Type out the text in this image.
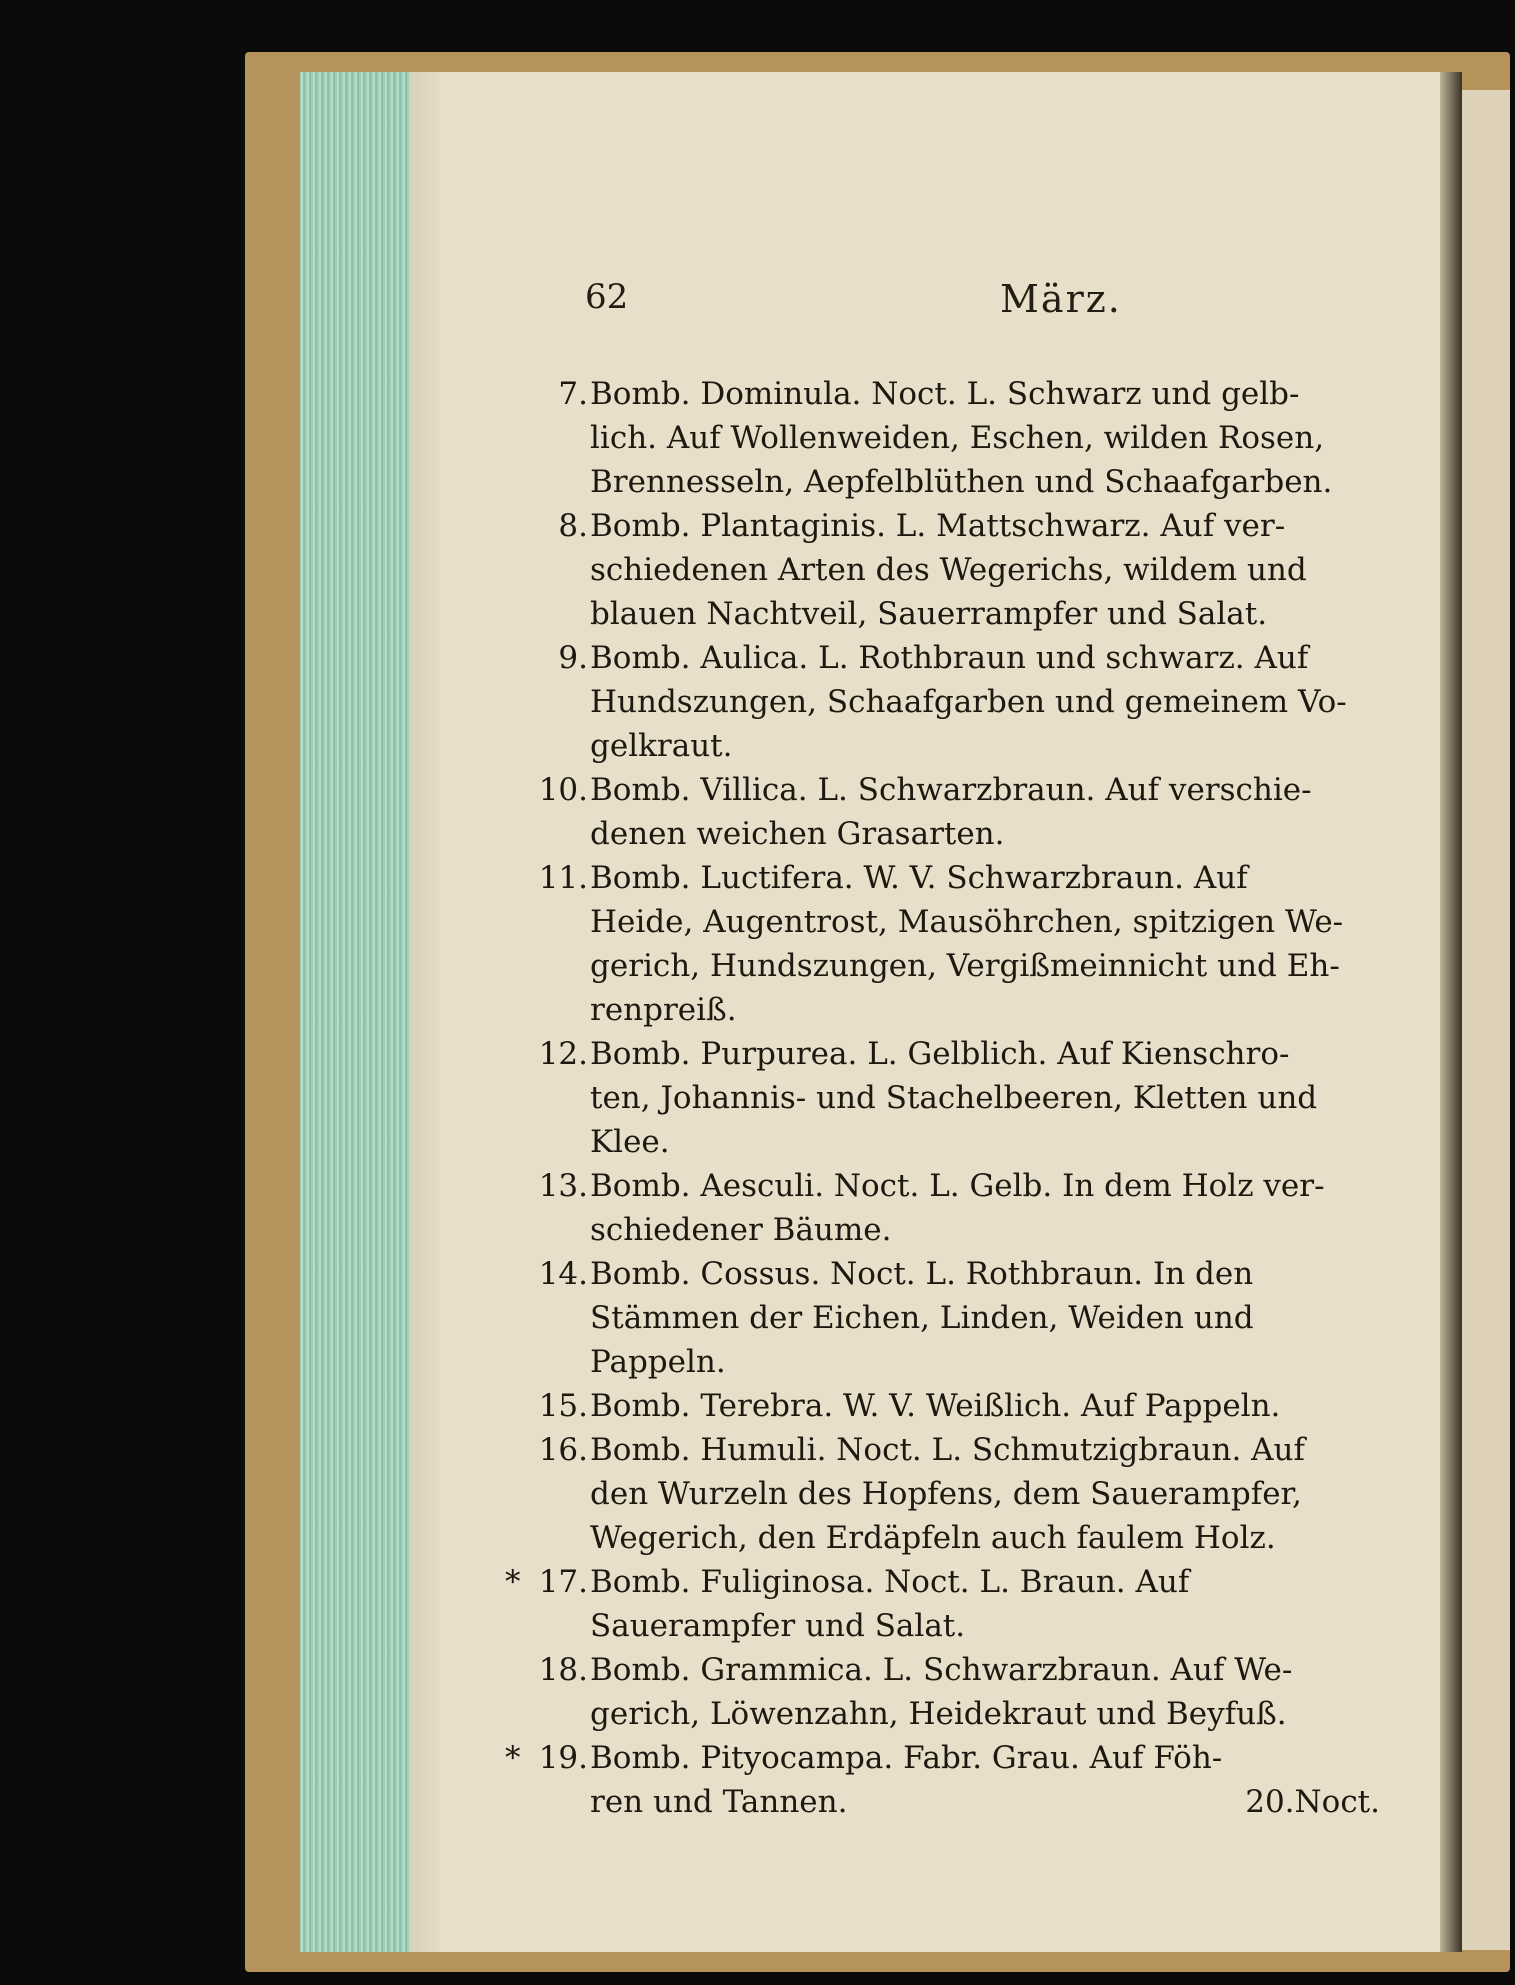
62	März.
7. Bomb. Dominula. Noct. L. Schwarz und gelb-
lich. Auf Wollenweiden, Eschen, wilden Rosen,
Brennesseln, Aepfelblüthen und Schaafgarben.
8. Bomb. Plantaginis. L. Mattschwarz. Auf ver-
schiedenen Arten des Wegerichs, wildem und
blauen Nachtveil, Sauerrampfer und Salat.
9. Bomb. Aulica. L. Rothbraun und schwarz. Auf
Hundszungen, Schaafgarben und gemeinem Vo-
gelkraut.
10. Bomb. Villica. L. Schwarzbraun. Auf verschie-
denen weichen Grasarten.
11. Bomb. Luctifera. W. V. Schwarzbraun. Auf
Heide, Augentrost, Mausöhrchen, spitzigen We-
gerich, Hundszungen, Vergißmeinnicht und Eh-
renpreiß.
12. Bomb. Purpurea. L. Gelblich. Auf Kienschro-
ten, Johannis- und Stachelbeeren, Kletten und
Klee.
13. Bomb. Aesculi. Noct. L. Gelb. In dem Holz ver-
schiedener Bäume.
14. Bomb. Cossus. Noct. L. Rothbraun. In den
Stämmen der Eichen, Linden, Weiden und
Pappeln.
15. Bomb. Terebra. W. V. Weißlich. Auf Pappeln.
16. Bomb. Humuli. Noct. L. Schmutzigbraun. Auf
den Wurzeln des Hopfens, dem Sauerampfer,
Wegerich, den Erdäpfeln auch faulem Holz.
* 17. Bomb. Fuliginosa. Noct. L. Braun. Auf
Sauerampfer und Salat.
18. Bomb. Grammica. L. Schwarzbraun. Auf We-
gerich, Löwenzahn, Heidekraut und Beyfuß.
* 19. Bomb. Pityocampa. Fabr. Grau. Auf Föh-
ren und Tannen.	20.Noct.
